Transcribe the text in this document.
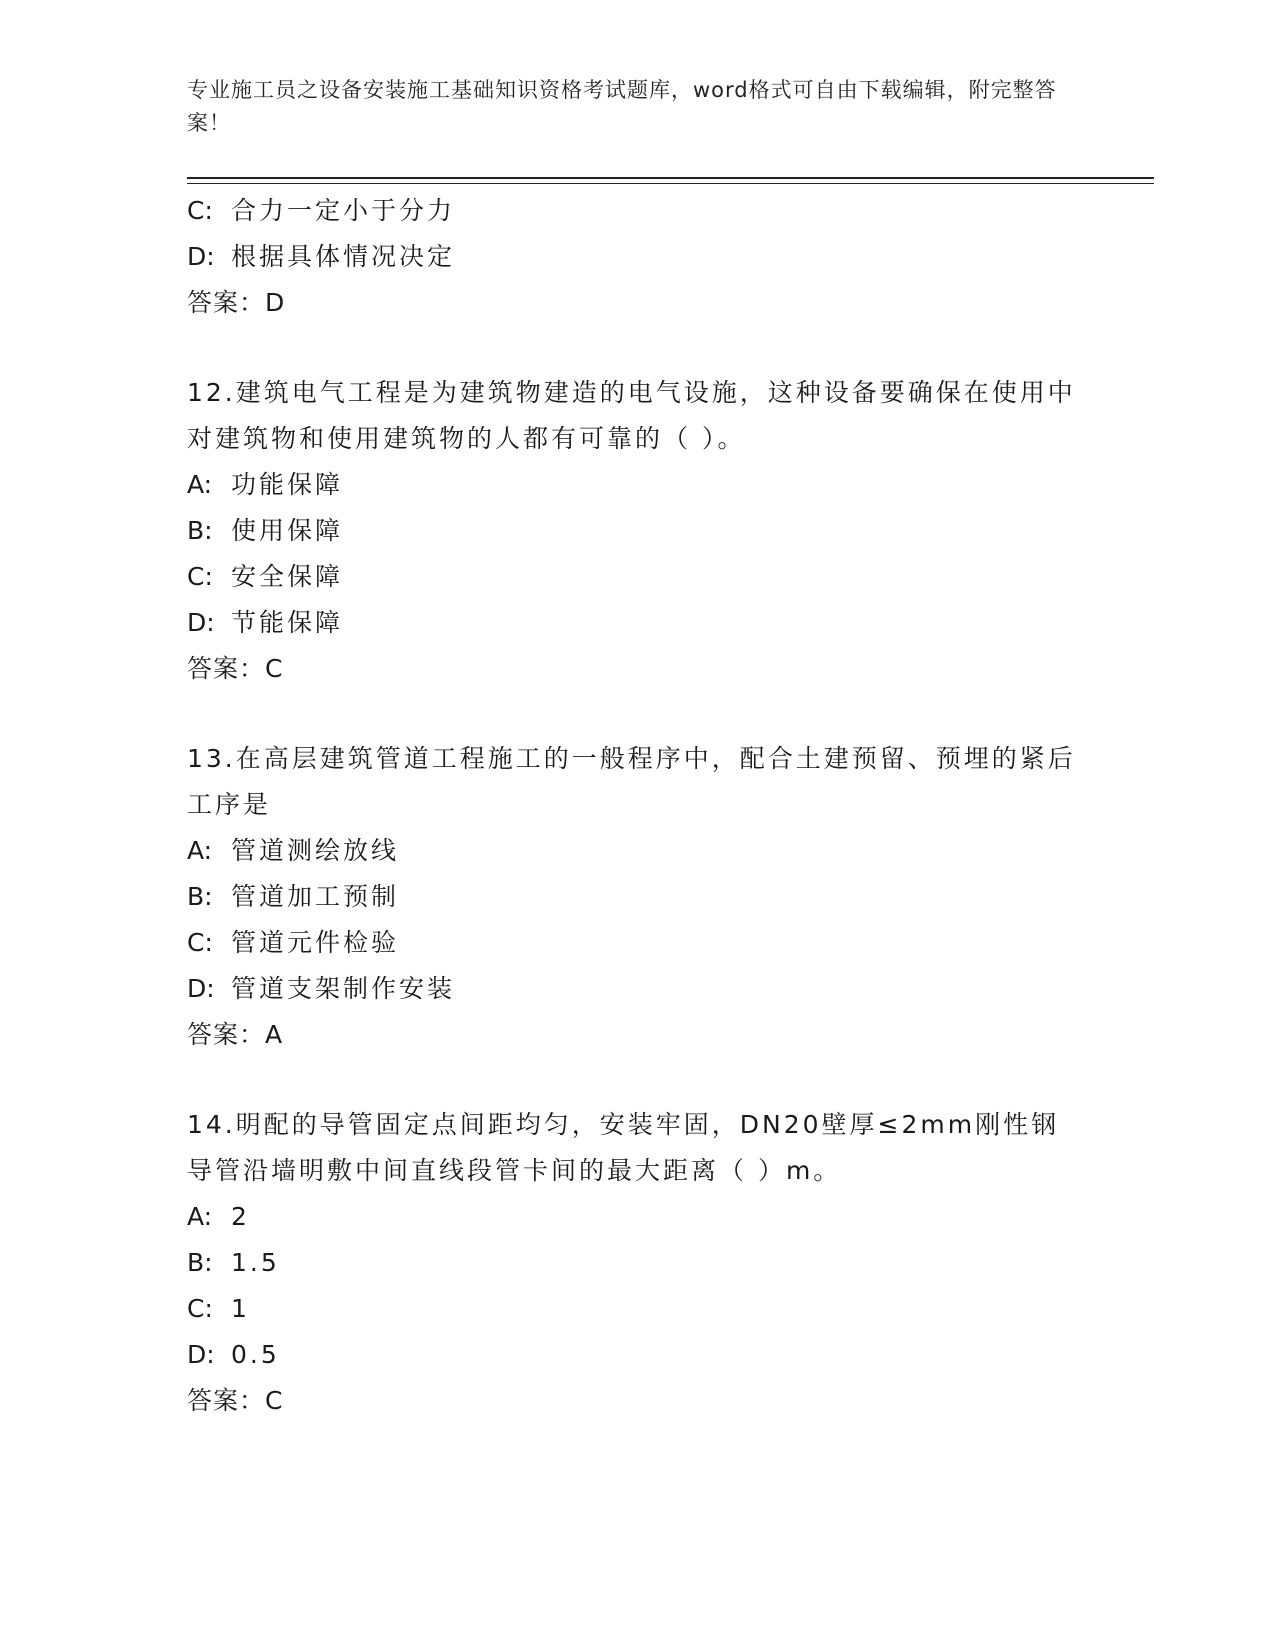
专业施工员之设备安装施工基础知识资格考试题库，word格式可自由下载编辑，附完整答案！
C: 合力一定小于分力
D: 根据具体情况决定
答案：D
12.建筑电气工程是为建筑物建造的电气设施，这种设备要确保在使用中对建筑物和使用建筑物的人都有可靠的（ ）。
A: 功能保障
B: 使用保障
C: 安全保障
D: 节能保障
答案：C
13.在高层建筑管道工程施工的一般程序中，配合土建预留、预埋的紧后工序是
A: 管道测绘放线
B: 管道加工预制
C: 管道元件检验
D: 管道支架制作安装
答案：A
14.明配的导管固定点间距均匀，安装牢固，DN20壁厚≤2mm刚性钢导管沿墙明敷中间直线段管卡间的最大距离（ ）m。
A: 2
B: 1.5
C: 1
D: 0.5
答案：C
